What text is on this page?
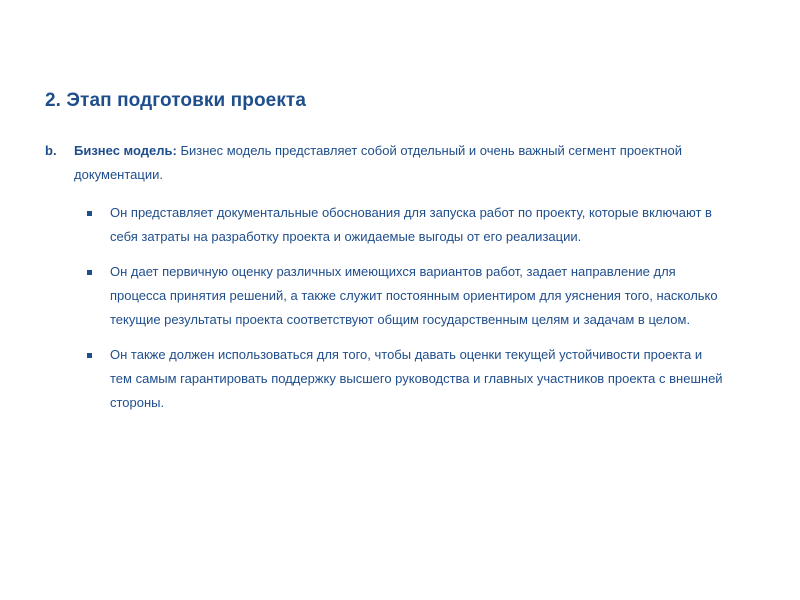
2. Этап подготовки проекта
b. Бизнес модель: Бизнес модель представляет собой отдельный и очень важный сегмент проектной документации.
Он представляет документальные обоснования для запуска работ по проекту, которые включают в себя затраты на разработку проекта и ожидаемые выгоды от его реализации.
Он дает первичную оценку различных имеющихся вариантов работ, задает направление для процесса принятия решений, а также служит постоянным ориентиром для уяснения того, насколько текущие результаты проекта соответствуют общим государственным целям и задачам в целом.
Он также должен использоваться для того, чтобы давать оценки текущей устойчивости проекта и тем самым гарантировать поддержку высшего руководства и главных участников проекта с внешней стороны.
